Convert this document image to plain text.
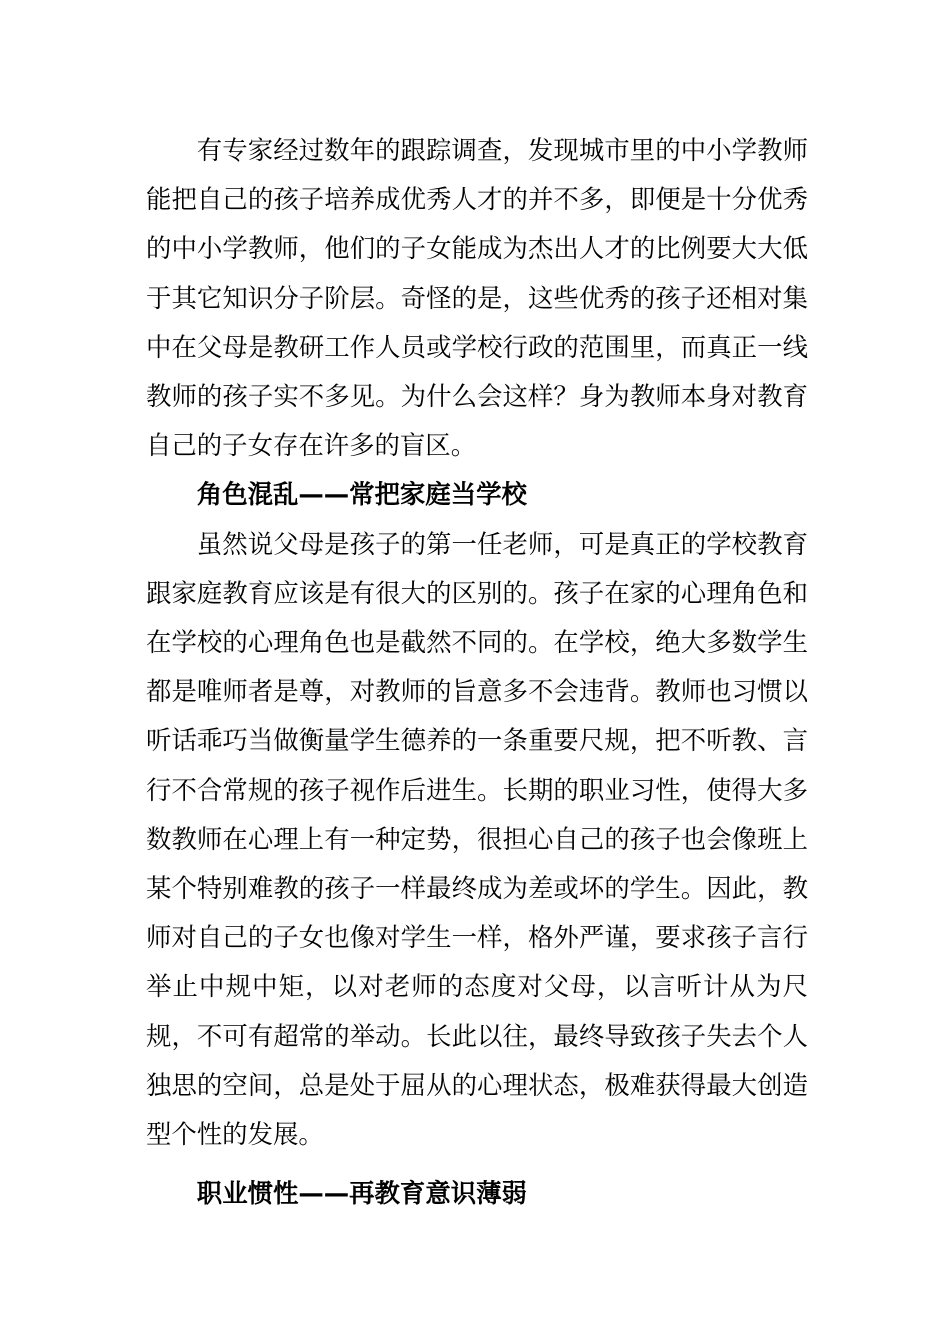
有专家经过数年的跟踪调查，发现城市里的中小学教师能把自己的孩子培养成优秀人才的并不多，即便是十分优秀的中小学教师，他们的子女能成为杰出人才的比例要大大低于其它知识分子阶层。奇怪的是，这些优秀的孩子还相对集中在父母是教研工作人员或学校行政的范围里，而真正一线教师的孩子实不多见。为什么会这样？身为教师本身对教育自己的子女存在许多的盲区。

角色混乱——常把家庭当学校

虽然说父母是孩子的第一任老师，可是真正的学校教育跟家庭教育应该是有很大的区别的。孩子在家的心理角色和在学校的心理角色也是截然不同的。在学校，绝大多数学生都是唯师者是尊，对教师的旨意多不会违背。教师也习惯以听话乖巧当做衡量学生德养的一条重要尺规，把不听教、言行不合常规的孩子视作后进生。长期的职业习性，使得大多数教师在心理上有一种定势，很担心自己的孩子也会像班上某个特别难教的孩子一样最终成为差或坏的学生。因此，教师对自己的子女也像对学生一样，格外严谨，要求孩子言行举止中规中矩，以对老师的态度对父母，以言听计从为尺规，不可有超常的举动。长此以往，最终导致孩子失去个人独思的空间，总是处于屈从的心理状态，极难获得最大创造型个性的发展。

职业惯性——再教育意识薄弱
